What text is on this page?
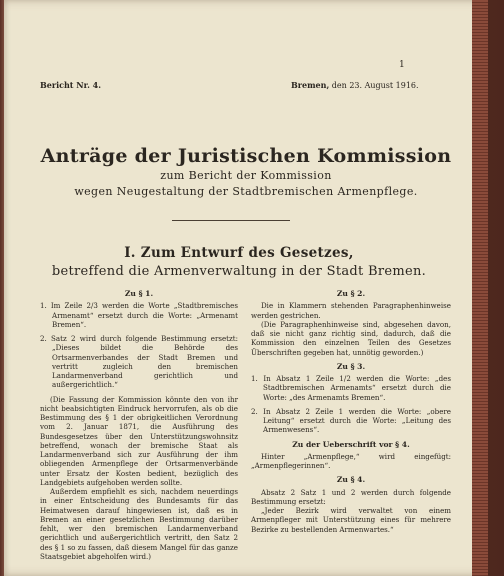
1

Bericht Nr. 4.	Bremen, den 23. August 1916.

Anträge der Juristischen Kommission

zum Bericht der Kommission

wegen Neugestaltung der Stadtbremischen Armenpflege.

I. Zum Entwurf des Gesetzes,

betreffend die Armenverwaltung in der Stadt Bremen.

Zu § 1.

1. Im Zeile 2/3 werden die Worte „Stadtbremisches Armenamt“ ersetzt durch die Worte: „Armenamt Bremen“.

2. Satz 2 wird durch folgende Bestimmung ersetzt: „Dieses bildet die Behörde des Ortsarmenverbandes der Stadt Bremen und vertritt zugleich den bremischen Landarmenverband gerichtlich und außergerichtlich.“

(Die Fassung der Kommission könnte den von ihr nicht beabsichtigten Eindruck hervorrufen, als ob die Bestimmung des § 1 der obrigkeitlichen Verordnung vom 2. Januar 1871, die Ausführung des Bundesgesetzes über den Unterstützungswohnsitz betreffend, wonach der bremische Staat als Landarmenverband sich zur Ausführung der ihm obliegenden Armenpflege der Ortsarmenverbände unter Ersatz der Kosten bedient, bezüglich des Landgebiets aufgehoben werden sollte.

Außerdem empfiehlt es sich, nachdem neuerdings in einer Entscheidung des Bundesamts für das Heimatwesen darauf hingewiesen ist, daß es in Bremen an einer gesetzlichen Bestimmung darüber fehlt, wer den bremischen Landarmenverband gerichtlich und außergerichtlich vertritt, den Satz 2 des § 1 so zu fassen, daß diesem Mangel für das ganze Staatsgebiet abgeholfen wird.)

Zu § 2.

Die in Klammern stehenden Paragraphenhinweise werden gestrichen.

(Die Paragraphenhinweise sind, abgesehen davon, daß sie nicht ganz richtig sind, dadurch, daß die Kommission den einzelnen Teilen des Gesetzes Überschriften gegeben hat, unnötig geworden.)

Zu § 3.

1. In Absatz 1 Zeile 1/2 werden die Worte: „des Stadtbremischen Armenamts“ ersetzt durch die Worte: „des Armenamts Bremen“.

2. In Absatz 2 Zeile 1 werden die Worte: „obere Leitung“ ersetzt durch die Worte: „Leitung des Armenwesens“.

Zu der Ueberschrift vor § 4.

Hinter „Armenpflege,“ wird eingefügt: „Armenpflegerinnen“.

Zu § 4.

Absatz 2 Satz 1 und 2 werden durch folgende Bestimmung ersetzt:

„Jeder Bezirk wird verwaltet von einem Armenpfleger mit Unterstützung eines für mehrere Bezirke zu bestellenden Armenwartes.“
